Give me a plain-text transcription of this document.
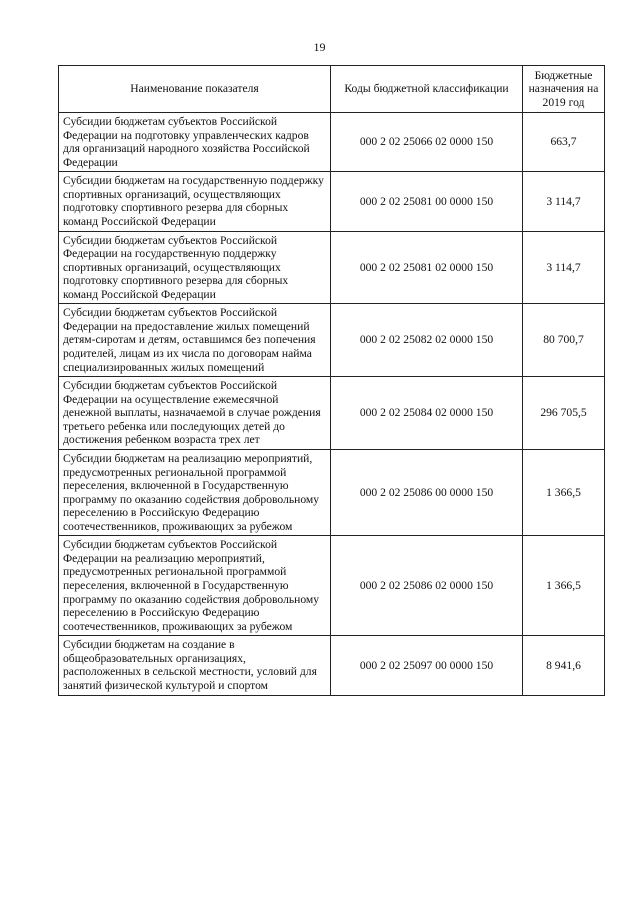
19
Наименование показателя	Коды бюджетной классификации	Бюджетные назначения на 2019 год
Субсидии бюджетам субъектов Российской Федерации на подготовку управленческих кадров для организаций народного хозяйства Российской Федерации	000 2 02 25066 02 0000 150	663,7
Субсидии бюджетам на государственную поддержку спортивных организаций, осуществляющих подготовку спортивного резерва для сборных команд Российской Федерации	000 2 02 25081 00 0000 150	3 114,7
Субсидии бюджетам субъектов Российской Федерации на государственную поддержку спортивных организаций, осуществляющих подготовку спортивного резерва для сборных команд Российской Федерации	000 2 02 25081 02 0000 150	3 114,7
Субсидии бюджетам субъектов Российской Федерации на предоставление жилых помещений детям-сиротам и детям, оставшимся без попечения родителей, лицам из их числа по договорам найма специализированных жилых помещений	000 2 02 25082 02 0000 150	80 700,7
Субсидии бюджетам субъектов Российской Федерации на осуществление ежемесячной денежной выплаты, назначаемой в случае рождения третьего ребенка или последующих детей до достижения ребенком возраста трех лет	000 2 02 25084 02 0000 150	296 705,5
Субсидии бюджетам на реализацию мероприятий, предусмотренных региональной программой переселения, включенной в Государственную программу по оказанию содействия добровольному переселению в Российскую Федерацию соотечественников, проживающих за рубежом	000 2 02 25086 00 0000 150	1 366,5
Субсидии бюджетам субъектов Российской Федерации на реализацию мероприятий, предусмотренных региональной программой переселения, включенной в Государственную программу по оказанию содействия добровольному переселению в Российскую Федерацию соотечественников, проживающих за рубежом	000 2 02 25086 02 0000 150	1 366,5
Субсидии бюджетам на создание в общеобразовательных организациях, расположенных в сельской местности, условий для занятий физической культурой и спортом	000 2 02 25097 00 0000 150	8 941,6
